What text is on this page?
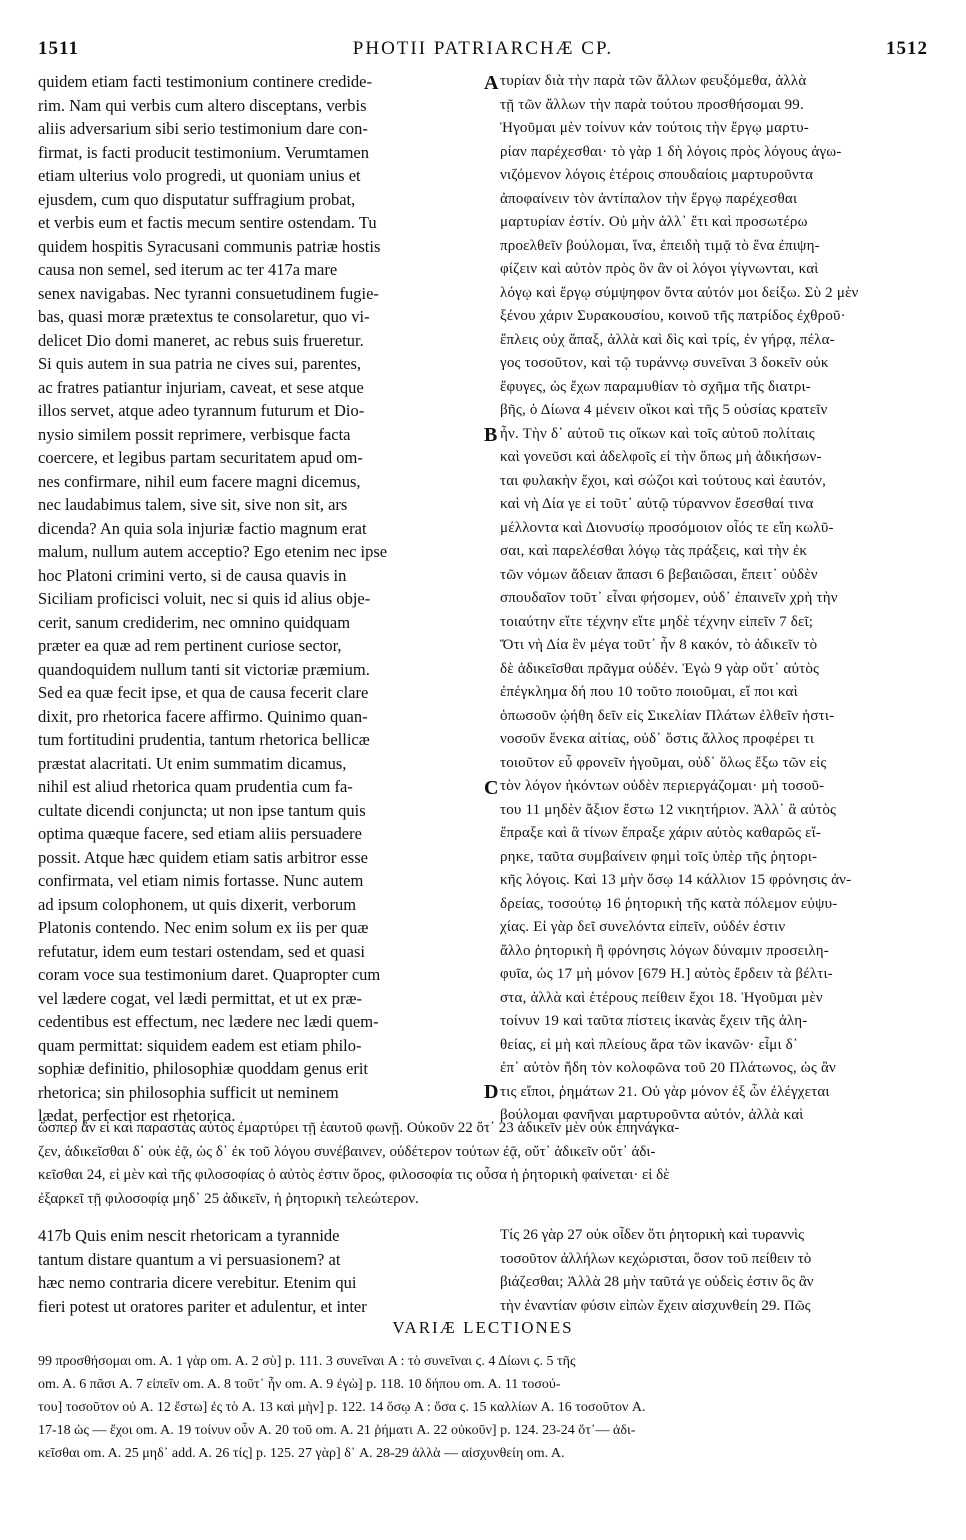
1511	PHOTII PATRIARCHÆ CP.	1512
quidem etiam facti testimonium continere credide-
rim. Nam qui verbis cum altero disceptans, verbis
aliis adversarium sibi serio testimonium dare con-
firmat, is facti producit testimonium. Verumtamen
etiam ulterius volo progredi, ut quoniam unius et
ejusdem, cum quo disputatur suffragium probat,
et verbis eum et factis mecum sentire ostendam. Tu
quidem hospitis Syracusani communis patriæ hostis
causa non semel, sed iterum ac ter 417a mare
senex navigabas. Nec tyranni consuetudinem fugie-
bas, quasi moræ prætextus te consolaretur, quo vi-
delicet Dio domi maneret, ac rebus suis frueretur.
Si quis autem in sua patria ne cives sui, parentes,
ac fratres patiantur injuriam, caveat, et sese atque
illos servet, atque adeo tyrannum futurum et Dio-
nysio similem possit reprimere, verbisque facta
coercere, et legibus partam securitatem apud om-
nes confirmare, nihil eum facere magni dicemus,
nec laudabimus talem, sive sit, sive non sit, ars
dicenda? An quia sola injuriæ factio magnum erat
malum, nullum autem acceptio? Ego etenim nec ipse
hoc Platoni crimini verto, si de causa quavis in
Siciliam proficisci voluit, nec si quis id alius obje-
cerit, sanum crediderim, nec omnino quidquam
præter ea quæ ad rem pertinent curiose sector,
quandoquidem nullum tanti sit victoriæ præmium.
Sed ea quæ fecit ipse, et qua de causa fecerit clare
dixit, pro rhetorica facere affirmo. Quinimo quan-
tum fortitudini prudentia, tantum rhetorica bellicæ
præstat alacritati. Ut enim summatim dicamus,
nihil est aliud rhetorica quam prudentia cum fa-
cultate dicendi conjuncta; ut non ipse tantum quis
optima quæque facere, sed etiam aliis persuadere
possit. Atque hæc quidem etiam satis arbitror esse
confirmata, vel etiam nimis fortasse. Nunc autem
ad ipsum colophonem, ut quis dixerit, verborum
Platonis contendo. Nec enim solum ex iis per quæ
refutatur, idem eum testari ostendam, sed et quasi
coram voce sua testimonium daret. Quapropter cum
vel lædere cogat, vel lædi permittat, et ut ex præ-
cedentibus est effectum, nec lædere nec lædi quem-
quam permittat: siquidem eadem est etiam philo-
sophiæ definitio, philosophiæ quoddam genus erit
rhetorica; sin philosophia sufficit ut neminem
lædat, perfectior est rhetorica.
τυρίαν διὰ τὴν παρὰ τῶν ἄλλων φευξόμεθα, ἀλλὰ
τῇ τῶν ἄλλων τὴν παρὰ τούτου προσθήσομαι 99.
Ἡγοῦμαι μὲν τοίνυν κἀν τούτοις τὴν ἔργῳ μαρτυ-
ρίαν παρέχεσθαι· τὸ γὰρ 1 δὴ λόγοις πρὸς λόγους ἀγω-
νιζόμενον λόγοις ἑτέροις σπουδαίοις μαρτυροῦντα
ἀποφαίνειν τὸν ἀντίπαλον τὴν ἔργῳ παρέχεσθαι
μαρτυρίαν ἐστίν. Οὐ μὴν ἀλλ᾿ ἔτι καὶ προσωτέρω
προελθεῖν βούλομαι, ἵνα, ἐπειδὴ τιμᾷ τὸ ἕνα ἐπιψη-
φίζειν καὶ αὐτὸν πρὸς ὃν ἂν οἱ λόγοι γίγνωνται, καὶ
λόγῳ καὶ ἔργῳ σύμψηφον ὄντα αὐτόν μοι δείξω. Σὺ 2 μὲν
ξένου χάριν Συρακουσίου, κοινοῦ τῆς πατρίδος ἐχθροῦ·
ἔπλεις οὐχ ἅπαξ, ἀλλὰ καὶ δὶς καὶ τρίς, ἐν γήρᾳ, πέλα-
γος τοσοῦτον, καὶ τῷ τυράννῳ συνεῖναι 3 δοκεῖν οὐκ
ἔφυγες, ὡς ἔχων παραμυθίαν τὸ σχῆμα τῆς διατρι-
βῆς, ὁ Δίωνα 4 μένειν οἴκοι καὶ τῆς 5 οὐσίας κρατεῖν
ἦν. Τὴν δ᾿ αὐτοῦ τις οἴκων καὶ τοῖς αὐτοῦ πολίταις
καὶ γονεῦσι καὶ ἀδελφοῖς εἰ τὴν ὅπως μὴ ἀδικήσων-
ται φυλακὴν ἔχοι, καὶ σώζοι καὶ τούτους καὶ ἑαυτόν,
καὶ νὴ Δία γε εἰ τοῦτ᾿ αὐτῷ τύραννον ἔσεσθαί τινα
μέλλοντα καὶ Διονυσίῳ προσόμοιον οἷός τε εἴη κωλῦ-
σαι, καὶ παρελέσθαι λόγῳ τὰς πράξεις, καὶ τὴν ἐκ
τῶν νόμων ἄδειαν ἅπασι 6 βεβαιῶσαι, ἔπειτ᾿ οὐδὲν
σπουδαῖον τοῦτ᾿ εἶναι φήσομεν, οὐδ᾿ ἐπαινεῖν χρὴ τὴν
τοιαύτην εἴτε τέχνην εἴτε μηδὲ τέχνην εἰπεῖν 7 δεῖ;
Ὅτι νὴ Δία ἓν μέγα τοῦτ᾿ ἦν 8 κακόν, τὸ ἀδικεῖν τὸ
δὲ ἀδικεῖσθαι πρᾶγμα οὐδέν. Ἐγὼ 9 γὰρ οὔτ᾿ αὐτὸς
ἐπέγκλημα δή που 10 τοῦτο ποιοῦμαι, εἴ ποι καὶ
ὁπωσοῦν ᾠήθη δεῖν εἰς Σικελίαν Πλάτων ἐλθεῖν ἡστι-
νοσοῦν ἕνεκα αἰτίας, οὐδ᾿ ὅστις ἄλλος προφέρει τι
τοιοῦτον εὖ φρονεῖν ἡγοῦμαι, οὐδ᾿ ὅλως ἔξω τῶν εἰς
τὸν λόγον ἡκόντων οὐδὲν περιεργάζομαι· μὴ τοσοῦ-
του 11 μηδὲν ἄξιον ἔστω 12 νικητήριον. Ἀλλ᾿ ἃ αὐτὸς
ἔπραξε καὶ ἃ τίνων ἔπραξε χάριν αὐτὸς καθαρῶς εἴ-
ρηκε, ταῦτα συμβαίνειν φημὶ τοῖς ὑπὲρ τῆς ῥητορι-
κῆς λόγοις. Καὶ 13 μὴν ὅσῳ 14 κάλλιον 15 φρόνησις ἀν-
δρείας, τοσούτῳ 16 ῥητορικὴ τῆς κατὰ πόλεμον εὐψυ-
χίας. Εἰ γὰρ δεῖ συνελόντα εἰπεῖν, οὐδέν ἐστιν
ἄλλο ῥητορικὴ ἢ φρόνησις λόγων δύναμιν προσειλη-
φυῖα, ὡς 17 μὴ μόνον [679 H.] αὐτὸς ἔρδειν τὰ βέλτι-
στα, ἀλλὰ καὶ ἑτέρους πείθειν ἔχοι 18. Ἡγοῦμαι μὲν
τοίνυν 19 καὶ ταῦτα πίστεις ἱκανὰς ἔχειν τῆς ἀλη-
θείας, εἰ μὴ καὶ πλείους ἄρα τῶν ἱκανῶν· εἶμι δ᾿
ἐπ᾿ αὐτὸν ἤδη τὸν κολοφῶνα τοῦ 20 Πλάτωνος, ὡς ἂν
τις εἴποι, ῥημάτων 21. Οὐ γὰρ μόνον ἐξ ὧν ἐλέγχεται
βούλομαι φανῆναι μαρτυροῦντα αὐτόν, ἀλλὰ καὶ
A
B
C
D
ὥσπερ ἂν εἰ καὶ παραστὰς αὐτὸς ἐμαρτύρει τῇ ἑαυτοῦ φωνῇ. Οὐκοῦν 22 ὅτ᾿ 23 ἀδικεῖν μὲν οὐκ ἐπηνάγκα-
ζεν, ἀδικεῖσθαι δ᾿ οὐκ ἐᾷ, ὡς δ᾿ ἐκ τοῦ λόγου συνέβαινεν, οὐδέτερον τούτων ἐᾷ, οὔτ᾿ ἀδικεῖν οὔτ᾿ ἀδι-
κεῖσθαι 24, εἰ μὲν καὶ τῆς φιλοσοφίας ὁ αὐτὸς ἐστιν ὅρος, φιλοσοφία τις οὖσα ἡ ῥητορικὴ φαίνεται· εἰ δὲ
ἐξαρκεῖ τῇ φιλοσοφίᾳ μηδ᾿ 25 ἀδικεῖν, ἡ ῥητορικὴ τελεώτερον.
417b Quis enim nescit rhetoricam a tyrannide
tantum distare quantum a vi persuasionem? at
hæc nemo contraria dicere verebitur. Etenim qui
fieri potest ut oratores pariter et adulentur, et inter
Τίς 26 γὰρ 27 οὐκ οἶδεν ὅτι ῥητορικὴ καὶ τυραννὶς
τοσοῦτον ἀλλήλων κεχώρισται, ὅσον τοῦ πείθειν τὸ
βιάζεσθαι; Ἀλλὰ 28 μὴν ταῦτά γε οὐδεὶς ἐστιν ὃς ἂν
τὴν ἐναντίαν φύσιν εἰπὼν ἔχειν αἰσχυνθείη 29. Πῶς
VARIÆ LECTIONES
99 προσθήσομαι om. A. 1 γὰρ om. A. 2 σὺ] p. 111. 3 συνεῖναι A : τὸ συνεῖναι ϛ. 4 Δίωνι ϛ. 5 τῆς
om. A. 6 πᾶσι A. 7 εἰπεῖν om. A. 8 τοῦτ᾿ ἦν om. A. 9 ἐγὼ] p. 118. 10 δήπου om. A. 11 τοσού-
του] τοσοῦτον οὐ A. 12 ἔστω] ἐς τὸ A. 13 καὶ μὴν] p. 122. 14 ὅσῳ A : ὅσα ϛ. 15 καλλίων A. 16 τοσοῦτον A.
17-18 ὡς — ἔχοι om. A. 19 τοίνυν οὖν A. 20 τοῦ om. A. 21 ῥήματι A. 22 οὐκοῦν] p. 124. 23-24 ὅτ᾿— ἀδι-
κεῖσθαι om. A. 25 μηδ᾿ add. A. 26 τίς] p. 125. 27 γὰρ] δ᾿ A. 28-29 ἀλλὰ — αἰσχυνθείη om. A.
